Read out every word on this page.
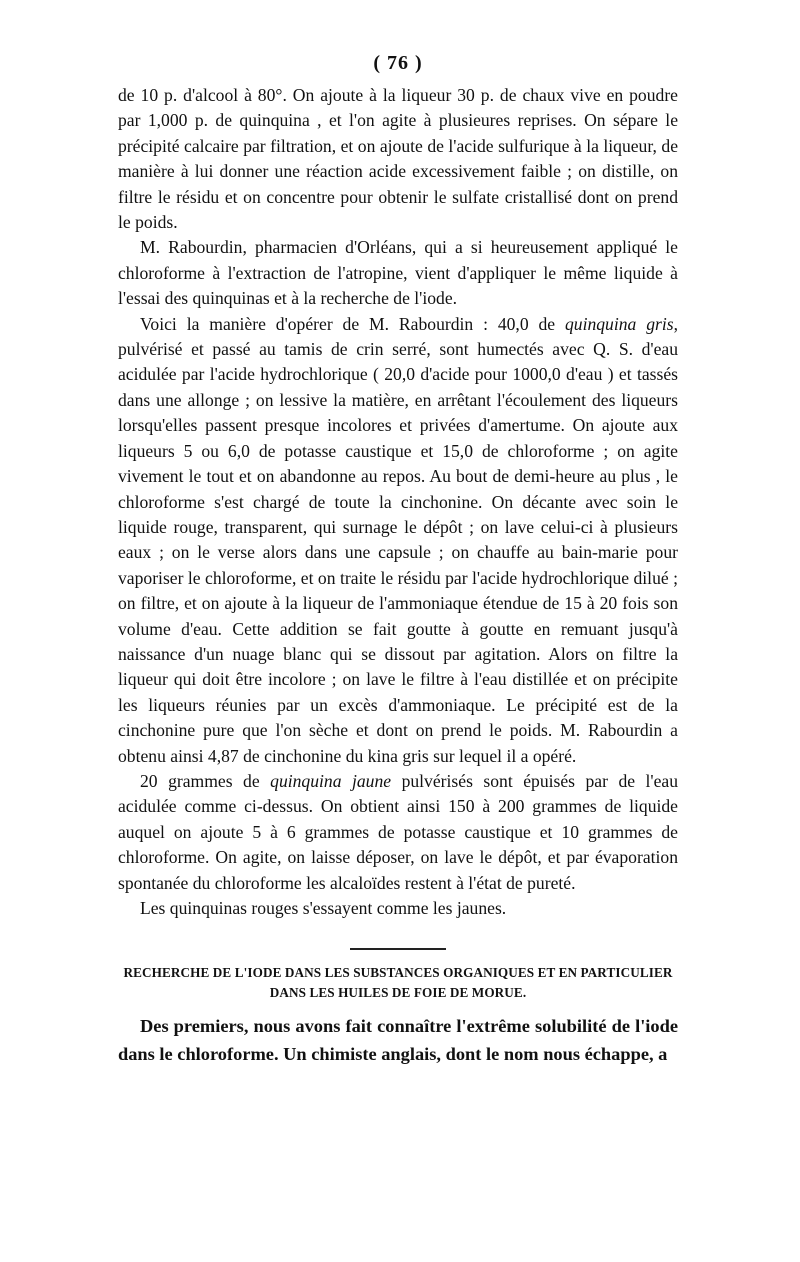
( 76 )

de 10 p. d'alcool à 80°. On ajoute à la liqueur 30 p. de chaux vive en poudre par 1,000 p. de quinquina , et l'on agite à plusieures reprises. On sépare le précipité calcaire par filtration, et on ajoute de l'acide sulfurique à la liqueur, de manière à lui donner une réaction acide excessivement faible ; on distille, on filtre le résidu et on concentre pour obtenir le sulfate cristallisé dont on prend le poids.

M. Rabourdin, pharmacien d'Orléans, qui a si heureusement appliqué le chloroforme à l'extraction de l'atropine, vient d'appliquer le même liquide à l'essai des quinquinas et à la recherche de l'iode.

Voici la manière d'opérer de M. Rabourdin : 40,0 de quinquina gris, pulvérisé et passé au tamis de crin serré, sont humectés avec Q. S. d'eau acidulée par l'acide hydrochlorique ( 20,0 d'acide pour 1000,0 d'eau ) et tassés dans une allonge ; on lessive la matière, en arrêtant l'écoulement des liqueurs lorsqu'elles passent presque incolores et privées d'amertume. On ajoute aux liqueurs 5 ou 6,0 de potasse caustique et 15,0 de chloroforme ; on agite vivement le tout et on abandonne au repos. Au bout de demi-heure au plus , le chloroforme s'est chargé de toute la cinchonine. On décante avec soin le liquide rouge, transparent, qui surnage le dépôt ; on lave celui-ci à plusieurs eaux ; on le verse alors dans une capsule ; on chauffe au bain-marie pour vaporiser le chloroforme, et on traite le résidu par l'acide hydrochlorique dilué ; on filtre, et on ajoute à la liqueur de l'ammoniaque étendue de 15 à 20 fois son volume d'eau. Cette addition se fait goutte à goutte en remuant jusqu'à naissance d'un nuage blanc qui se dissout par agitation. Alors on filtre la liqueur qui doit être incolore ; on lave le filtre à l'eau distillée et on précipite les liqueurs réunies par un excès d'ammoniaque. Le précipité est de la cinchonine pure que l'on sèche et dont on prend le poids. M. Rabourdin a obtenu ainsi 4,87 de cinchonine du kina gris sur lequel il a opéré.

20 grammes de quinquina jaune pulvérisés sont épuisés par de l'eau acidulée comme ci-dessus. On obtient ainsi 150 à 200 grammes de liquide auquel on ajoute 5 à 6 grammes de potasse caustique et 10 grammes de chloroforme. On agite, on laisse déposer, on lave le dépôt, et par évaporation spontanée du chloroforme les alcaloïdes restent à l'état de pureté.

Les quinquinas rouges s'essayent comme les jaunes.

RECHERCHE DE L'IODE DANS LES SUBSTANCES ORGANIQUES ET EN PARTICULIER

DANS LES HUILES DE FOIE DE MORUE.

Des premiers, nous avons fait connaître l'extrême solubilité de l'iode dans le chloroforme. Un chimiste anglais, dont le nom nous échappe, a
